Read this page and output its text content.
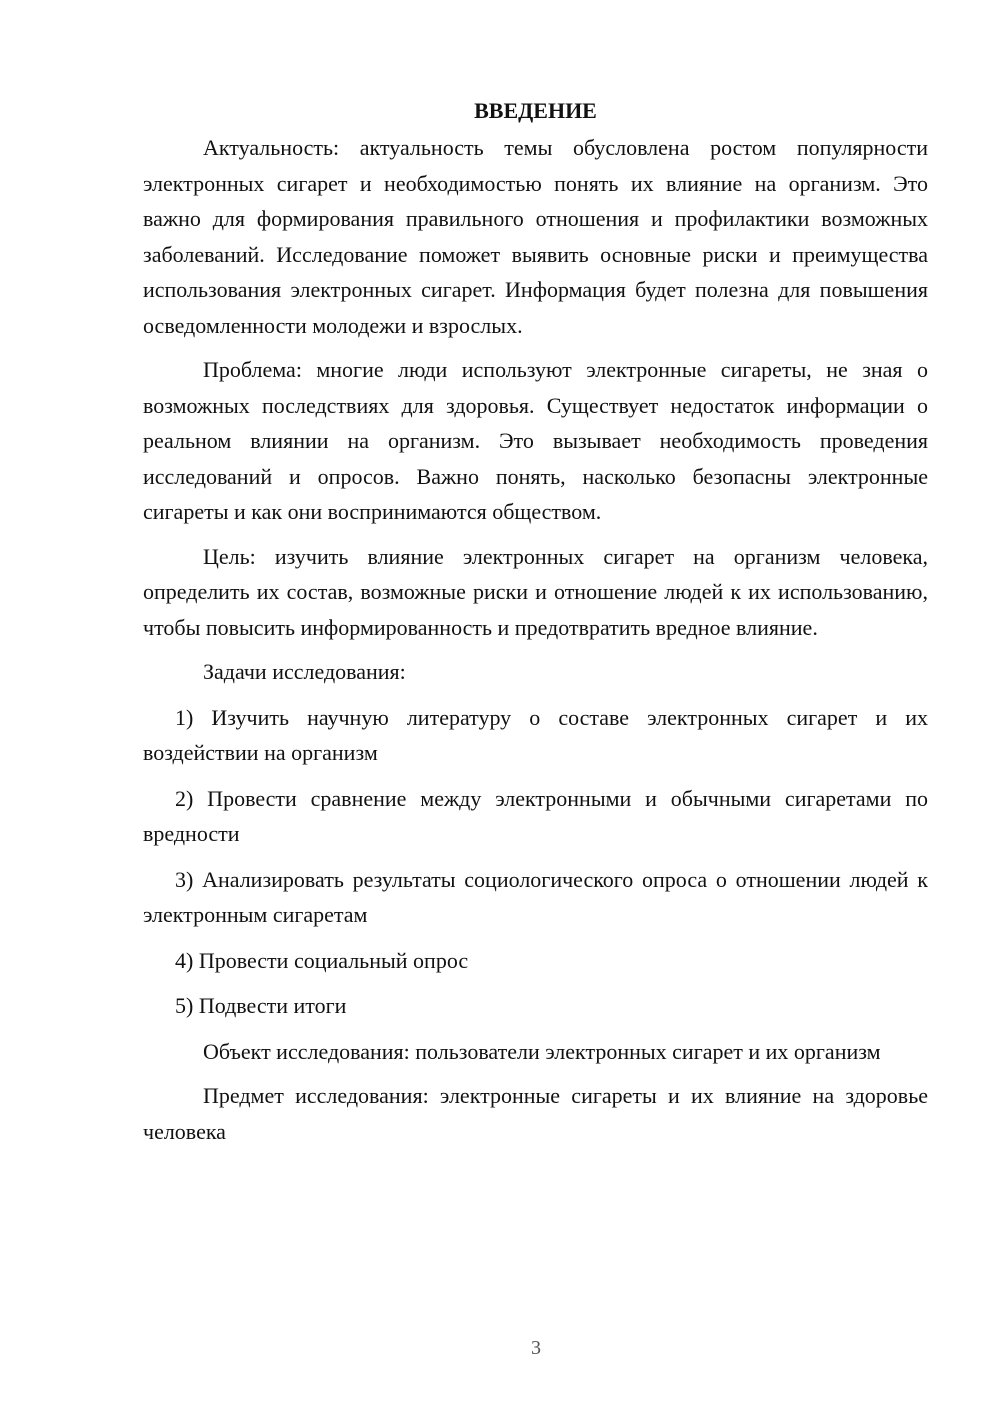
ВВЕДЕНИЕ

Актуальность: актуальность темы обусловлена ростом популярности электронных сигарет и необходимостью понять их влияние на организм. Это важно для формирования правильного отношения и профилактики возможных заболеваний. Исследование поможет выявить основные риски и преимущества использования электронных сигарет. Информация будет полезна для повышения осведомленности молодежи и взрослых.

Проблема: многие люди используют электронные сигареты, не зная о возможных последствиях для здоровья. Существует недостаток информации о реальном влиянии на организм. Это вызывает необходимость проведения исследований и опросов. Важно понять, насколько безопасны электронные сигареты и как они воспринимаются обществом.

Цель: изучить влияние электронных сигарет на организм человека, определить их состав, возможные риски и отношение людей к их использованию, чтобы повысить информированность и предотвратить вредное влияние.

Задачи исследования:

1) Изучить научную литературу о составе электронных сигарет и их воздействии на организм

2) Провести сравнение между электронными и обычными сигаретами по вредности

3) Анализировать результаты социологического опроса о отношении людей к электронным сигаретам

4) Провести социальный опрос

5) Подвести итоги

Объект исследования: пользователи электронных сигарет и их организм

Предмет исследования: электронные сигареты и их влияние на здоровье человека

3
